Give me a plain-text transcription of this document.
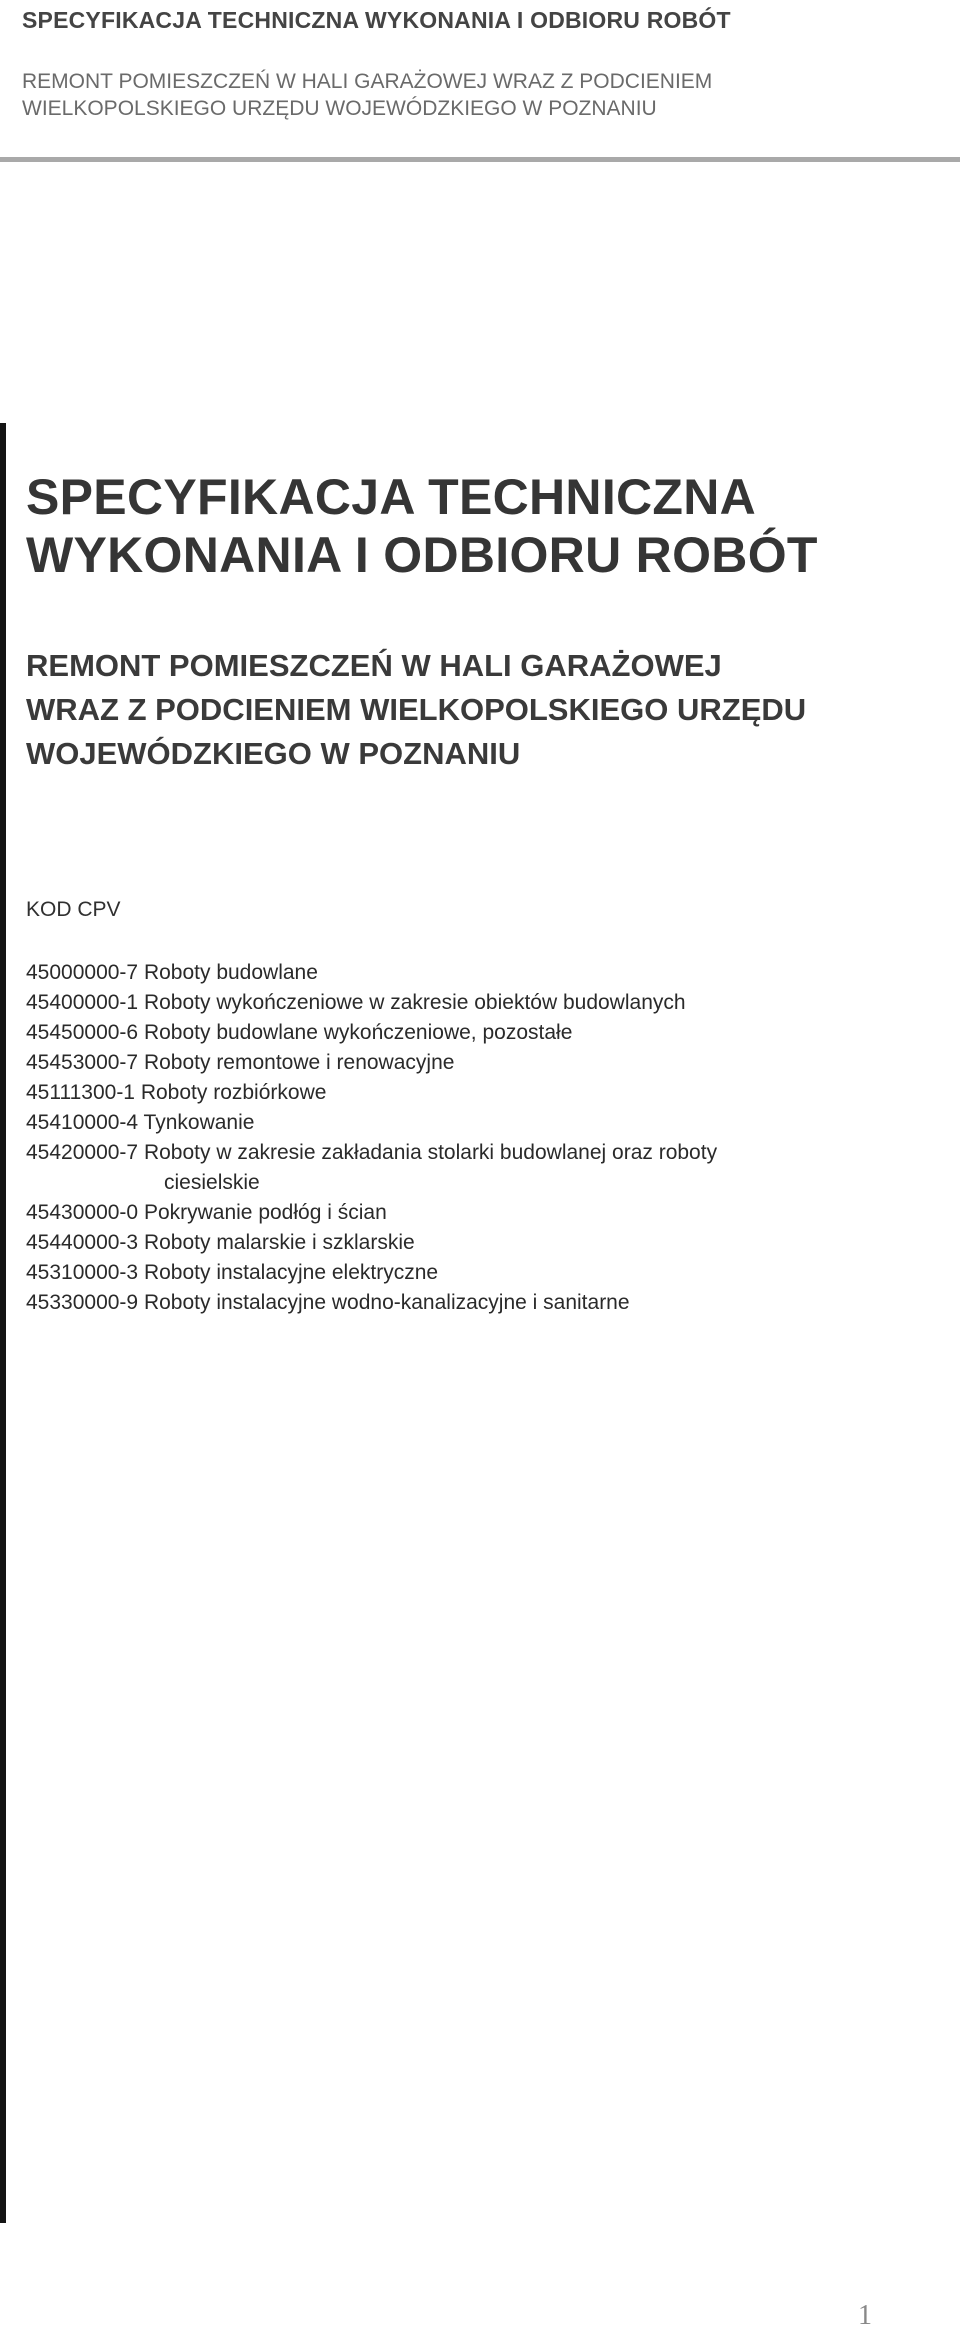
SPECYFIKACJA TECHNICZNA WYKONANIA I ODBIORU ROBÓT

REMONT POMIESZCZEŃ W HALI GARAŻOWEJ WRAZ Z PODCIENIEM
WIELKOPOLSKIEGO URZĘDU WOJEWÓDZKIEGO W POZNANIU

SPECYFIKACJA TECHNICZNA
WYKONANIA I ODBIORU ROBÓT
REMONT POMIESZCZEŃ W HALI GARAŻOWEJ
WRAZ Z PODCIENIEM WIELKOPOLSKIEGO URZĘDU
WOJEWÓDZKIEGO W POZNANIU

KOD CPV

45000000-7 Roboty budowlane
45400000-1 Roboty wykończeniowe w zakresie obiektów budowlanych
45450000-6 Roboty budowlane wykończeniowe, pozostałe
45453000-7 Roboty remontowe i renowacyjne
45111300-1 Roboty rozbiórkowe
45410000-4 Tynkowanie
45420000-7 Roboty w zakresie zakładania stolarki budowlanej oraz roboty
ciesielskie
45430000-0 Pokrywanie podłóg i ścian
45440000-3 Roboty malarskie i szklarskie
45310000-3 Roboty instalacyjne elektryczne
45330000-9 Roboty instalacyjne wodno-kanalizacyjne i sanitarne
1
